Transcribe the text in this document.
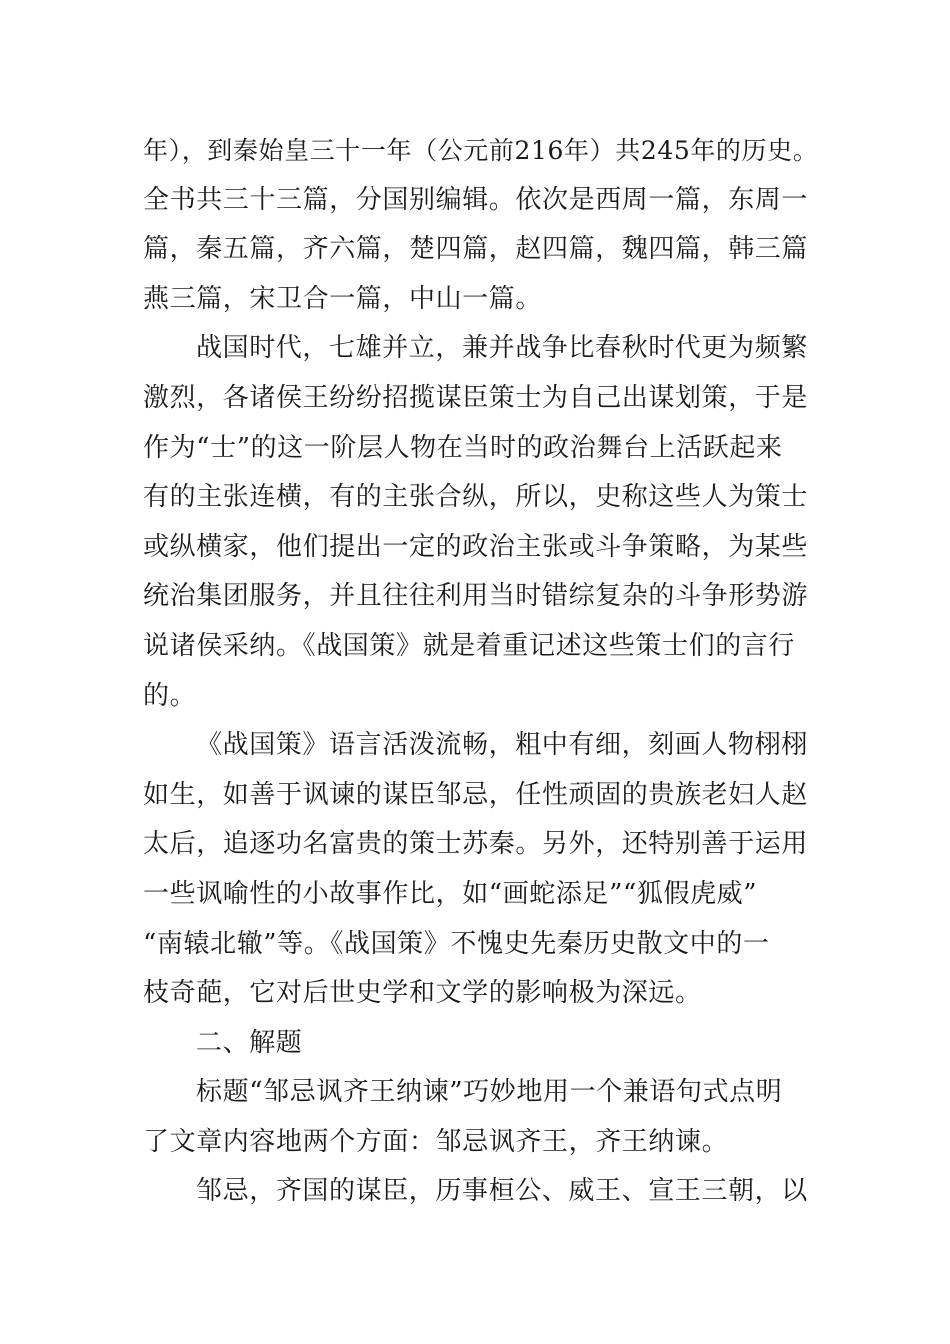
年），到秦始皇三十一年（公元前216年）共245年的历史。
全书共三十三篇，分国别编辑。依次是西周一篇，东周一
篇，秦五篇，齐六篇，楚四篇，赵四篇，魏四篇，韩三篇
燕三篇，宋卫合一篇，中山一篇。
战国时代，七雄并立，兼并战争比春秋时代更为频繁
激烈，各诸侯王纷纷招揽谋臣策士为自己出谋划策，于是
作为“士”的这一阶层人物在当时的政治舞台上活跃起来
有的主张连横，有的主张合纵，所以，史称这些人为策士
或纵横家，他们提出一定的政治主张或斗争策略，为某些
统治集团服务，并且往往利用当时错综复杂的斗争形势游
说诸侯采纳。《战国策》就是着重记述这些策士们的言行
的。
《战国策》语言活泼流畅，粗中有细，刻画人物栩栩
如生，如善于讽谏的谋臣邹忌，任性顽固的贵族老妇人赵
太后，追逐功名富贵的策士苏秦。另外，还特别善于运用
一些讽喻性的小故事作比，如“画蛇添足”“狐假虎威”
“南辕北辙”等。《战国策》不愧史先秦历史散文中的一
枝奇葩，它对后世史学和文学的影响极为深远。
二、解题
标题“邹忌讽齐王纳谏”巧妙地用一个兼语句式点明
了文章内容地两个方面：邹忌讽齐王，齐王纳谏。
邹忌，齐国的谋臣，历事桓公、威王、宣王三朝，以
